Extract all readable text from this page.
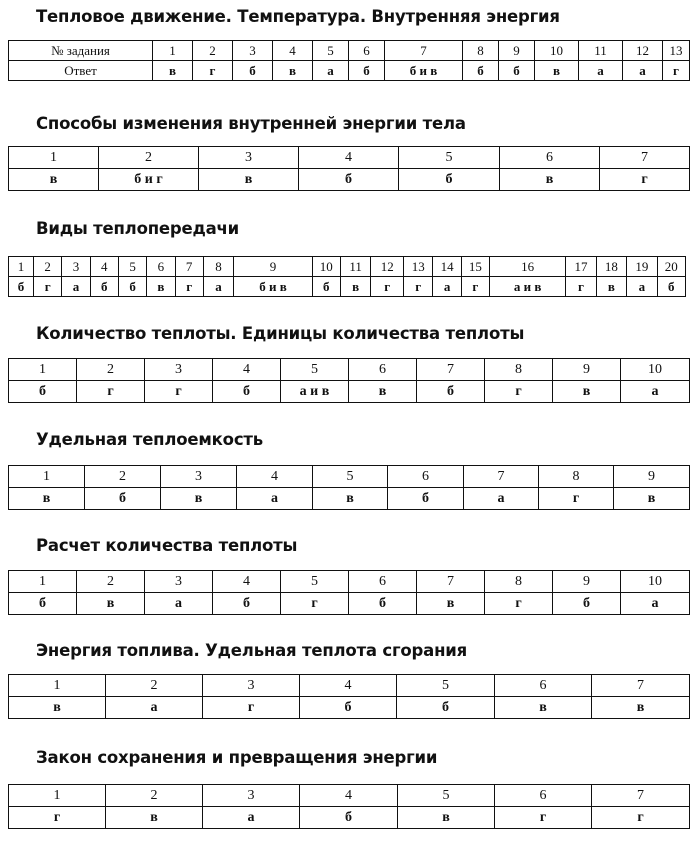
Тепловое движение. Температура. Внутренняя энергия
№ задания	1	2	3	4	5	6	7	8	9	10	11	12	13
Ответ	в	г	б	в	а	б	б и в	б	б	в	а	а	г
Способы изменения внутренней энергии тела
1	2	3	4	5	6	7
в	б и г	в	б	б	в	г
Виды теплопередачи
1	2	3	4	5	6	7	8	9	10	11	12	13	14	15	16	17	18	19	20
б	г	а	б	б	в	г	а	б и в	б	в	г	г	а	г	а и в	г	в	а	б
Количество теплоты. Единицы количества теплоты
1	2	3	4	5	6	7	8	9	10
б	г	г	б	а и в	в	б	г	в	а
Удельная теплоемкость
1	2	3	4	5	6	7	8	9
в	б	в	а	в	б	а	г	в
Расчет количества теплоты
1	2	3	4	5	6	7	8	9	10
б	в	а	б	г	б	в	г	б	а
Энергия топлива. Удельная теплота сгорания
1	2	3	4	5	6	7
в	а	г	б	б	в	в
Закон сохранения и превращения энергии
1	2	3	4	5	6	7
г	в	а	б	в	г	г
